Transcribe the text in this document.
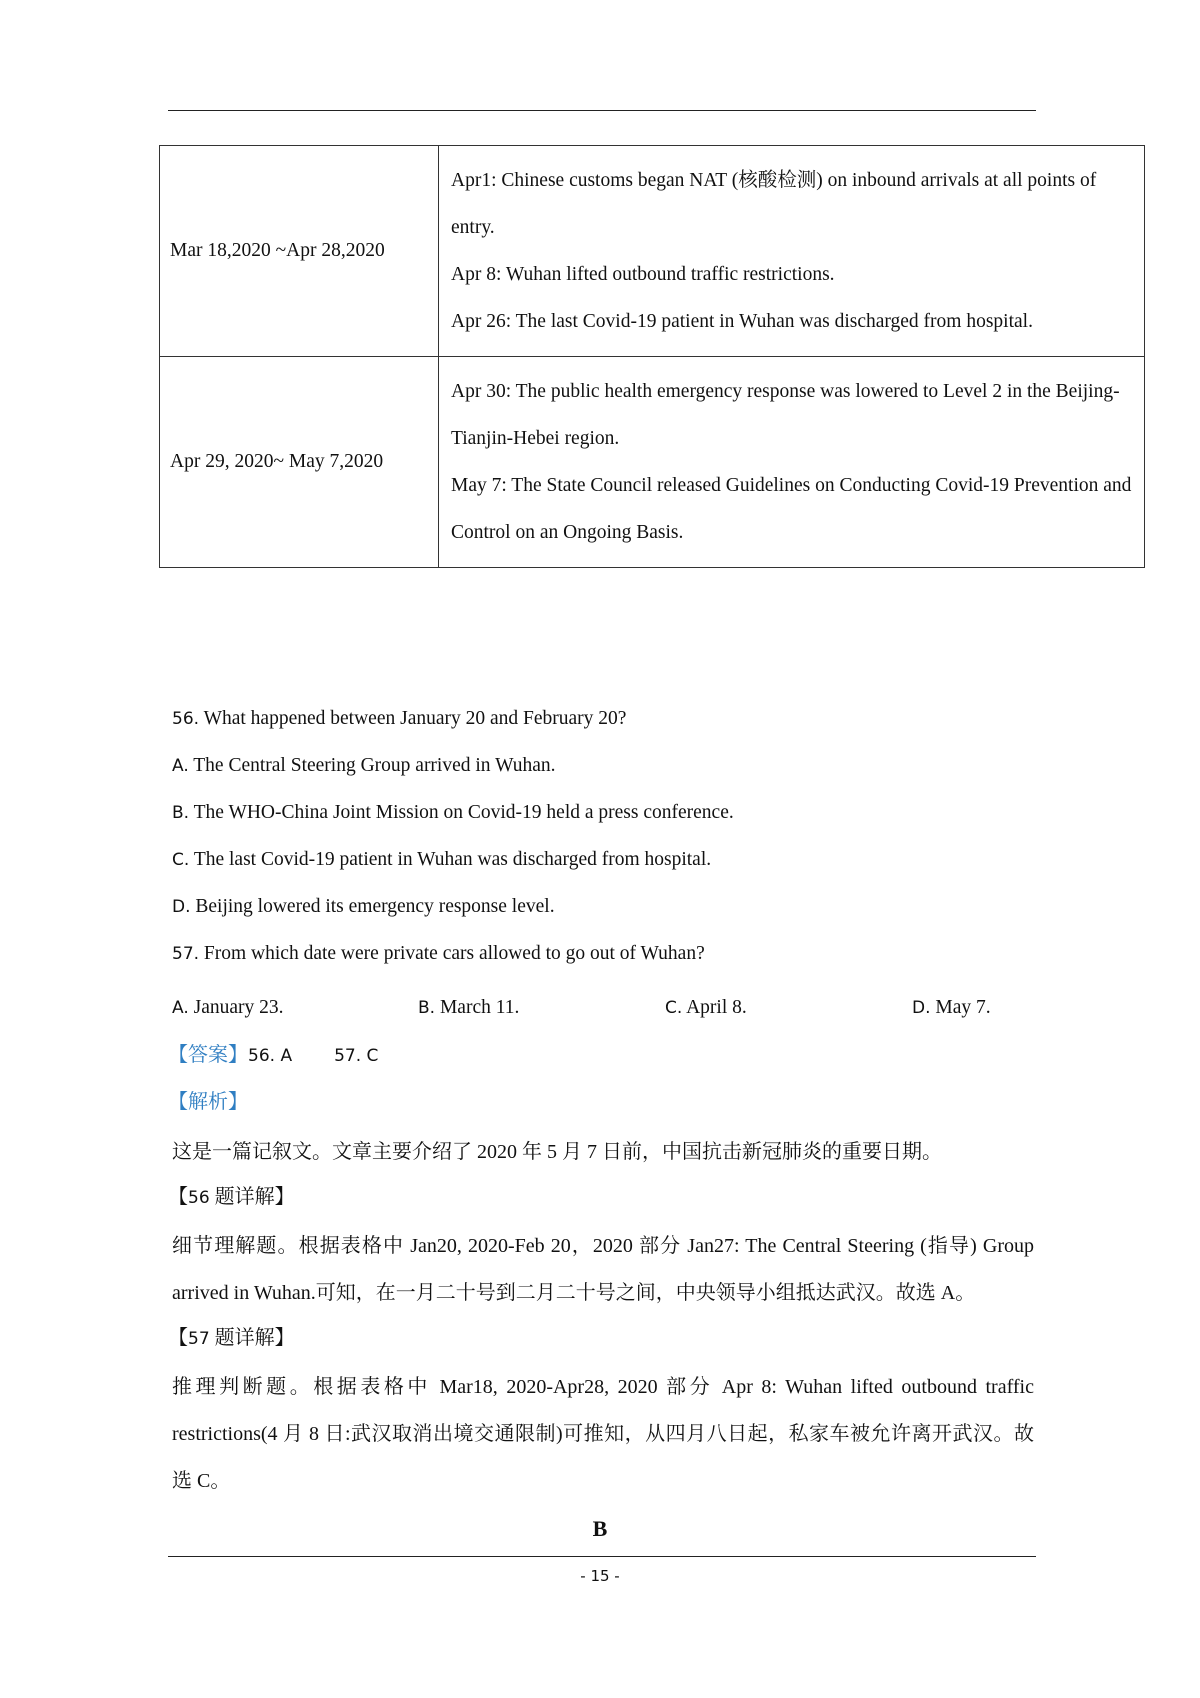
Mar 18,2020 ~Apr 28,2020	Apr1: Chinese customs began NAT (核酸检测) on inbound arrivals at all points of entry.
Apr 8: Wuhan lifted outbound traffic restrictions.
Apr 26: The last Covid-19 patient in Wuhan was discharged from hospital.

Apr 29, 2020~ May 7,2020	Apr 30: The public health emergency response was lowered to Level 2 in the Beijing-Tianjin-Hebei region.
May 7: The State Council released Guidelines on Conducting Covid-19 Prevention and Control on an Ongoing Basis.
56. What happened between January 20 and February 20?
A. The Central Steering Group arrived in Wuhan.
B. The WHO-China Joint Mission on Covid-19 held a press conference.
C. The last Covid-19 patient in Wuhan was discharged from hospital.
D. Beijing lowered its emergency response level.
57. From which date were private cars allowed to go out of Wuhan?
A. January 23.	B. March 11.	C. April 8.	D. May 7.
【答案】56. A 57. C
【解析】
这是一篇记叙文。文章主要介绍了 2020 年 5 月 7 日前，中国抗击新冠肺炎的重要日期。
【56 题详解】
细节理解题。根据表格中 Jan20, 2020-Feb 20，2020 部分 Jan27: The Central Steering (指导) Group arrived in Wuhan.可知，在一月二十号到二月二十号之间，中央领导小组抵达武汉。故选 A。
【57 题详解】
推理判断题。根据表格中 Mar18, 2020-Apr28, 2020 部分 Apr 8: Wuhan lifted outbound traffic restrictions(4 月 8 日:武汉取消出境交通限制)可推知，从四月八日起，私家车被允许离开武汉。故选 C。
B
- 15 -
